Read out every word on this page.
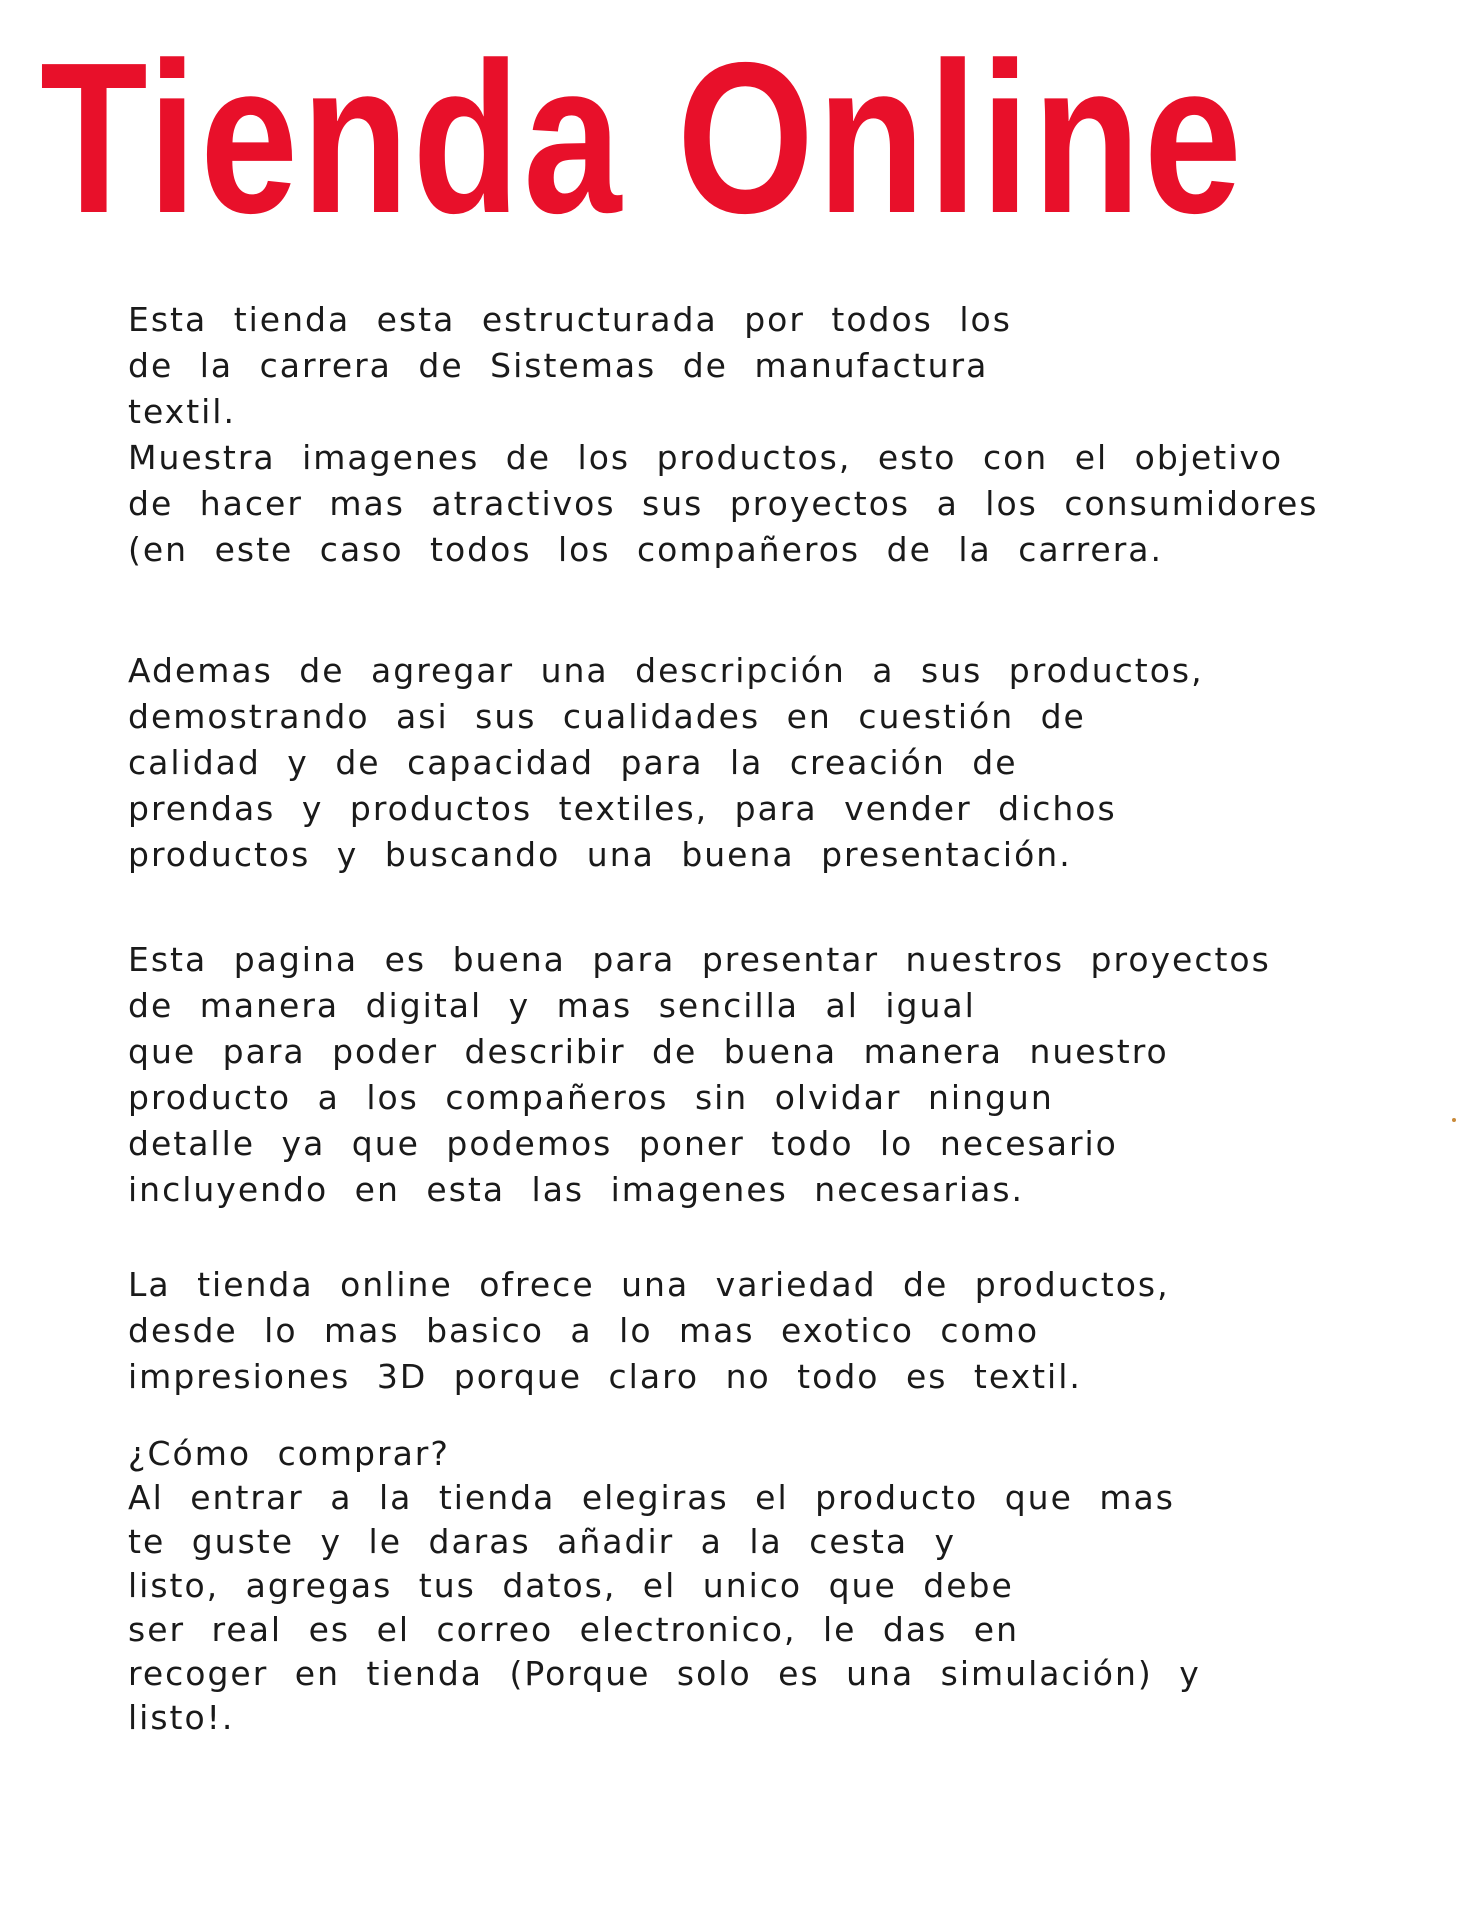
Tienda Online
Esta tienda esta estructurada por todos los
de la carrera de Sistemas de manufactura
textil.
Muestra imagenes de los productos, esto con el objetivo
de hacer mas atractivos sus proyectos a los consumidores
(en este caso todos los compañeros de la carrera.
Ademas de agregar una descripción a sus productos,
demostrando asi sus cualidades en cuestión de
calidad y de capacidad para la creación de
prendas y productos textiles, para vender dichos
productos y buscando una buena presentación.
Esta pagina es buena para presentar nuestros proyectos
de manera digital y mas sencilla al igual
que para poder describir de buena manera nuestro
producto a los compañeros sin olvidar ningun
detalle ya que podemos poner todo lo necesario
incluyendo en esta las imagenes necesarias.
La tienda online ofrece una variedad de productos,
desde lo mas basico a lo mas exotico como
impresiones 3D porque claro no todo es textil.
¿Cómo comprar?
Al entrar a la tienda elegiras el producto que mas
te guste y le daras añadir a la cesta y
listo, agregas tus datos, el unico que debe
ser real es el correo electronico, le das en
recoger en tienda (Porque solo es una simulación) y
listo!.
